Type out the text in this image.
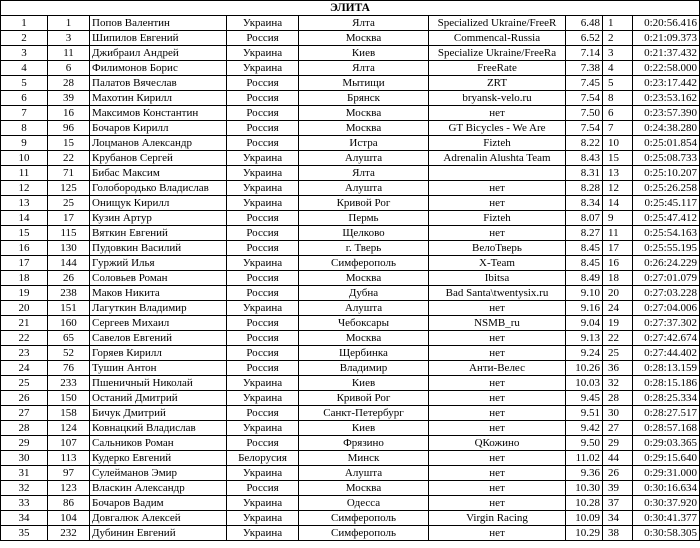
ЭЛИТА								
1	1	Попов Валентин	Украина	Ялта	Specialized Ukraine/FreeR	6.48	1	0:20:56.416
2	3	Шипилов Евгений	Россия	Москва	Commencal-Russia	6.52	2	0:21:09.373
3	11	Джибраил Андрей	Украина	Киев	Specialize Ukraine/FreeRa	7.14	3	0:21:37.432
4	6	Филимонов Борис	Украина	Ялта	FreeRate	7.38	4	0:22:58.000
5	28	Палатов Вячеслав	Россия	Мытищи	ZRT	7.45	5	0:23:17.442
6	39	Махотин Кирилл	Россия	Брянск	bryansk-velo.ru	7.54	8	0:23:53.162
7	16	Максимов Константин	Россия	Москва	нет	7.50	6	0:23:57.390
8	96	Бочаров Кирилл	Россия	Москва	GT Bicycles - We Are	7.54	7	0:24:38.280
9	15	Лоцманов Александр	Россия	Истра	Fizteh	8.22	10	0:25:01.854
10	22	Крубанов Сергей	Украина	Алушта	Adrenalin Alushta Team	8.43	15	0:25:08.733
11	71	Бибас Максим	Украина	Ялта		8.31	13	0:25:10.207
12	125	Голобородько Владислав	Украина	Алушта	нет	8.28	12	0:25:26.258
13	25	Онищук Кирилл	Украина	Кривой Рог	нет	8.34	14	0:25:45.117
14	17	Кузин Артур	Россия	Пермь	Fizteh	8.07	9	0:25:47.412
15	115	Вяткин Евгений	Россия	Щелково	нет	8.27	11	0:25:54.163
16	130	Пудовкин Василий	Россия	г. Тверь	ВелоТверь	8.45	17	0:25:55.195
17	144	Гуржий Илья	Украина	Симферополь	X-Team	8.45	16	0:26:24.229
18	26	Соловьев Роман	Россия	Москва	Ibitsa	8.49	18	0:27:01.079
19	238	Маков Никита	Россия	Дубна	Bad Santa\twentysix.ru	9.10	20	0:27:03.228
20	151	Лагуткин Владимир	Украина	Алушта	нет	9.16	24	0:27:04.006
21	160	Сергеев Михаил	Россия	Чебоксары	NSMB_ru	9.04	19	0:27:37.302
22	65	Савелов Евгений	Россия	Москва	нет	9.13	22	0:27:42.674
23	52	Горяев Кирилл	Россия	Щербинка	нет	9.24	25	0:27:44.402
24	76	Тушин Антон	Россия	Владимир	Анти-Велес	10.26	36	0:28:13.159
25	233	Пшеничный Николай	Украина	Киев	нет	10.03	32	0:28:15.186
26	150	Останий Дмитрий	Украина	Кривой Рог	нет	9.45	28	0:28:25.334
27	158	Бичук Дмитрий	Россия	Санкт-Петербург	нет	9.51	30	0:28:27.517
28	124	Ковнацкий Владислав	Украина	Киев	нет	9.42	27	0:28:57.168
29	107	Сальников Роман	Россия	Фрязино	QКожино	9.50	29	0:29:03.365
30	113	Кудерко Евгений	Белорусия	Минск	нет	11.02	44	0:29:15.640
31	97	Сулейманов Эмир	Украина	Алушта	нет	9.36	26	0:29:31.000
32	123	Власкин Александр	Россия	Москва	нет	10.30	39	0:30:16.634
33	86	Бочаров Вадим	Украина	Одесса	нет	10.28	37	0:30:37.920
34	104	Довгалюк Алексей	Украина	Симферополь	Virgin Racing	10.09	34	0:30:41.377
35	232	Дубинин Евгений	Украина	Симферополь	нет	10.29	38	0:30:58.305
